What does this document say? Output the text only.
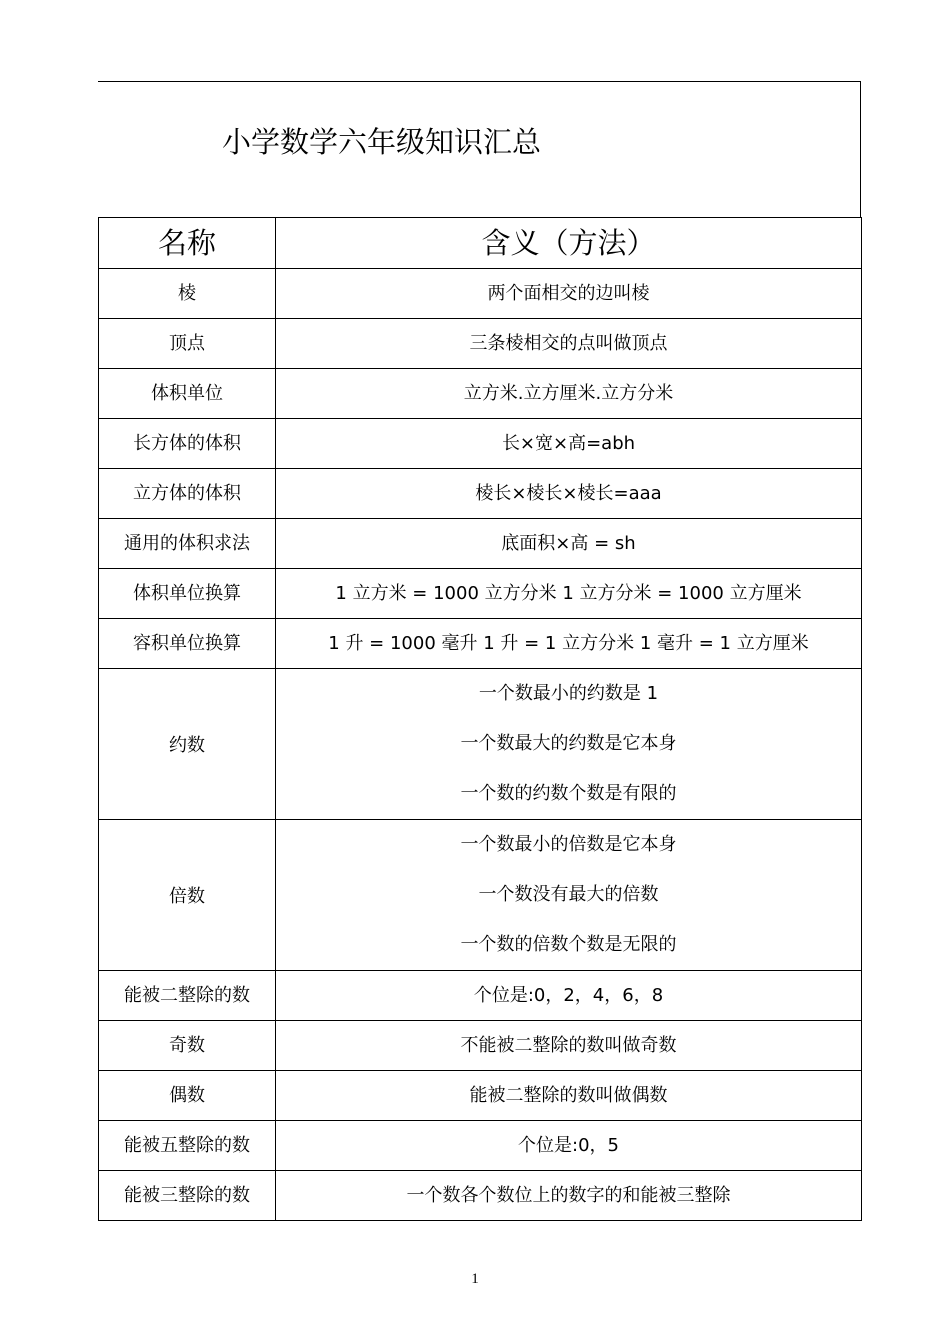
小学数学六年级知识汇总
名称	含义（方法）
棱	两个面相交的边叫棱
顶点	三条棱相交的点叫做顶点
体积单位	立方米.立方厘米.立方分米
长方体的体积	长×宽×高=abh
立方体的体积	棱长×棱长×棱长=aaa
通用的体积求法	底面积×高 = sh
体积单位换算	1 立方米 = 1000 立方分米 1 立方分米 = 1000 立方厘米
容积单位换算	1 升 = 1000 毫升 1 升 = 1 立方分米 1 毫升 = 1 立方厘米
约数	一个数最小的约数是 1
一个数最大的约数是它本身
一个数的约数个数是有限的

倍数	一个数最小的倍数是它本身
一个数没有最大的倍数
一个数的倍数个数是无限的

能被二整除的数	个位是:0，2，4，6，8
奇数	不能被二整除的数叫做奇数
偶数	能被二整除的数叫做偶数
能被五整除的数	个位是:0，5
能被三整除的数	一个数各个数位上的数字的和能被三整除
1
